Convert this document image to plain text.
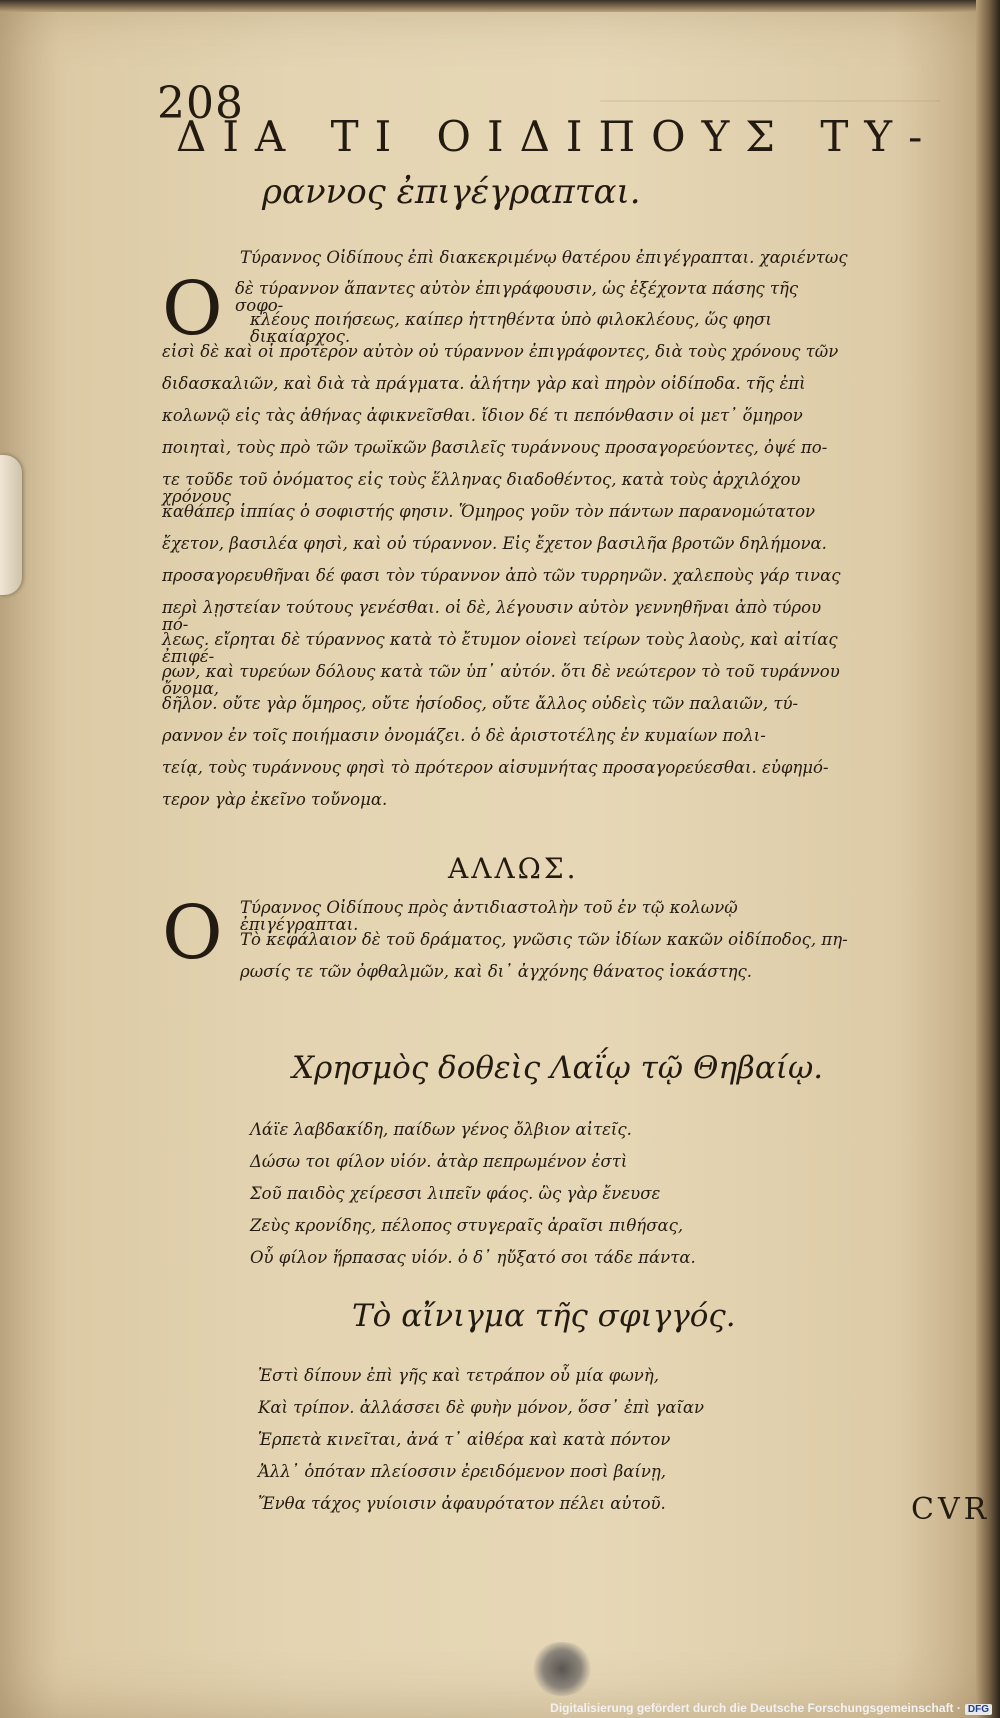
208
ΔΙΑ ΤΙ ΟΙΔΙΠΟΥΣ ΤΥ-
ραννος ἐπιγέγραπται.
O
Τύραννος Οἰδίπους ἐπὶ διακεκριμένῳ θατέρου ἐπιγέγραπται. χαριέντως
δὲ τύραννον ἅπαντες αὐτὸν ἐπιγράφουσιν, ὡς ἐξέχοντα πάσης τῆς σοφο-
κλέους ποιήσεως, καίπερ ἡττηθέντα ὑπὸ φιλοκλέους, ὥς φησι δικαίαρχος.
εἰσὶ δὲ καὶ οἱ πρότερον αὐτὸν οὐ τύραννον ἐπιγράφοντες, διὰ τοὺς χρόνους τῶν
διδασκαλιῶν, καὶ διὰ τὰ πράγματα. ἀλήτην γὰρ καὶ πηρὸν οἰδίποδα. τῆς ἐπὶ
κολωνῷ εἰς τὰς ἀθήνας ἀφικνεῖσθαι. ἴδιον δέ τι πεπόνθασιν οἱ μετ᾽ ὅμηρον
ποιηταὶ, τοὺς πρὸ τῶν τρωϊκῶν βασιλεῖς τυράννους προσαγορεύοντες, ὀψέ πο-
τε τοῦδε τοῦ ὀνόματος εἰς τοὺς ἕλληνας διαδοθέντος, κατὰ τοὺς ἀρχιλόχου χρόνους
καθάπερ ἱππίας ὁ σοφιστής φησιν. Ὅμηρος γοῦν τὸν πάντων παρανομώτατον
ἔχετον, βασιλέα φησὶ, καὶ οὐ τύραννον. Εἰς ἔχετον βασιλῆα βροτῶν δηλήμονα.
προσαγορευθῆναι δέ φασι τὸν τύραννον ἀπὸ τῶν τυρρηνῶν. χαλεποὺς γάρ τινας
περὶ λῃστείαν τούτους γενέσθαι. οἱ δὲ, λέγουσιν αὐτὸν γεννηθῆναι ἀπὸ τύρου πό-
λεως. εἴρηται δὲ τύραννος κατὰ τὸ ἔτυμον οἱονεὶ τείρων τοὺς λαοὺς, καὶ αἰτίας ἐπιφέ-
ρων, καὶ τυρεύων δόλους κατὰ τῶν ὑπ᾽ αὐτόν. ὅτι δὲ νεώτερον τὸ τοῦ τυράννου ὄνομα,
δῆλον. οὔτε γὰρ ὅμηρος, οὔτε ἡσίοδος, οὔτε ἄλλος οὐδεὶς τῶν παλαιῶν, τύ-
ραννον ἐν τοῖς ποιήμασιν ὀνομάζει. ὁ δὲ ἀριστοτέλης ἐν κυμαίων πολι-
τείᾳ, τοὺς τυράννους φησὶ τὸ πρότερον αἰσυμνήτας προσαγορεύεσθαι. εὐφημό-
τερον γὰρ ἐκεῖνο τοὔνομα.
ΑΛΛΩΣ.
O Τύραννος Οἰδίπους πρὸς ἀντιδιαστολὴν τοῦ ἐν τῷ κολωνῷ ἐπιγέγραπται.
Τὸ κεφάλαιον δὲ τοῦ δράματος, γνῶσις τῶν ἰδίων κακῶν οἰδίποδος, πη-
ρωσίς τε τῶν ὀφθαλμῶν, καὶ δι᾽ ἀγχόνης θάνατος ἰοκάστης.
Χρησμὸς δοθεὶς Λαΐῳ τῷ Θηβαίῳ.
Λάϊε λαβδακίδη, παίδων γένος ὄλβιον αἰτεῖς.
Δώσω τοι φίλον υἱόν. ἀτὰρ πεπρωμένον ἐστὶ
Σοῦ παιδὸς χείρεσσι λιπεῖν φάος. ὣς γὰρ ἔνευσε
Ζεὺς κρονίδης, πέλοπος στυγεραῖς ἀραῖσι πιθήσας,
Οὗ φίλον ἥρπασας υἱόν. ὁ δ᾽ ηὔξατό σοι τάδε πάντα.
Τὸ αἴνιγμα τῆς σφιγγός.
Ἐστὶ δίπουν ἐπὶ γῆς καὶ τετράπον οὗ μία φωνὴ,
Καὶ τρίπον. ἀλλάσσει δὲ φυὴν μόνον, ὅσσ᾽ ἐπὶ γαῖαν
Ἑρπετὰ κινεῖται, ἀνά τ᾽ αἰθέρα καὶ κατὰ πόντον
Ἀλλ᾽ ὁπόταν πλείοσσιν ἐρειδόμενον ποσὶ βαίνῃ,
Ἔνθα τάχος γυίοισιν ἀφαυρότατον πέλει αὐτοῦ.	CVR
Digitalisierung gefördert durch die Deutsche Forschungsgemeinschaft · DFG
